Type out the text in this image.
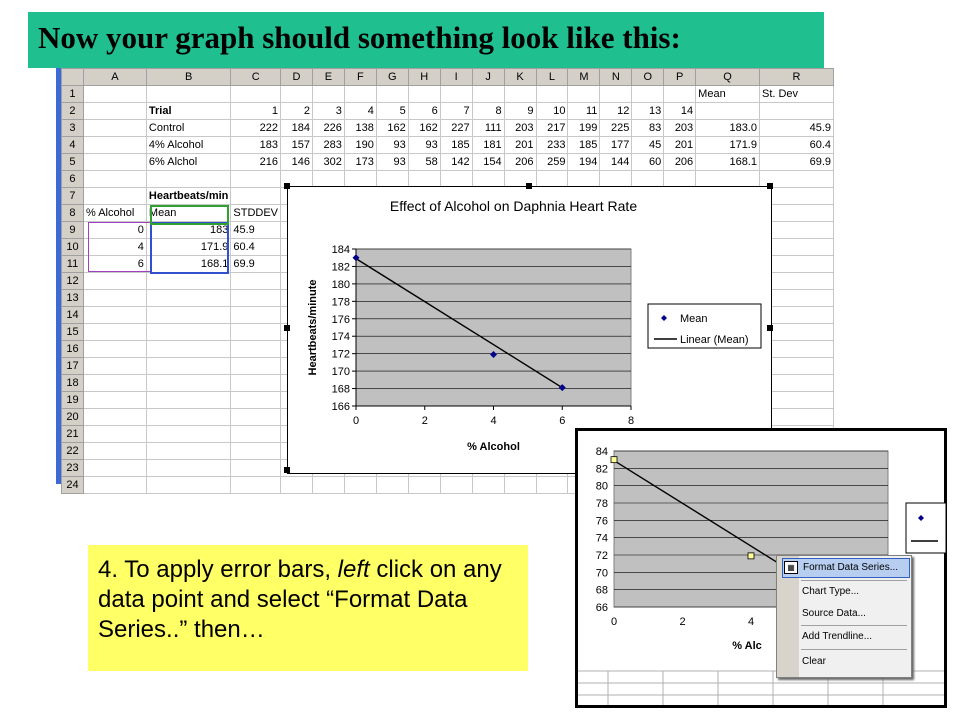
Now your graph should something look like this:
	A	B	C	D	E	F	G	H	I	J	K	L	M	N	O	P	Q	R
1																	Mean	St. Dev
2		Trial	1	2	3	4	5	6	7	8	9	10	11	12	13	14		
3		Control	222	184	226	138	162	162	227	111	203	217	199	225	83	203	183.0	45.9
4		4% Alcohol	183	157	283	190	93	93	185	181	201	233	185	177	45	201	171.9	60.4
5		6% Alchol	216	146	302	173	93	58	142	154	206	259	194	144	60	206	168.1	69.9
6																		
7		Heartbeats/min																
8	% Alcohol	Mean	STDDEV															
9	0	183	45.9															
10	4	171.9	60.4															
11	6	168.1	69.9															
12																		
13																		
14																		
15																		
16																		
17																		
18																		
19																		
20																		
21																		
22																		
23																		
24																		
Effect of Alcohol on Daphnia Heart Rate
166
168
170
172
174
176
178
180
182
184
0	2	4	6	8
% Alcohol
Heartbeats/minute	Mean
Linear (Mean)

4. To apply error bars, left click on any data point and select “Format Data Series..” then…

84
82
80
78
76
74
72
70
68
66
0	2	4
% Alc
▦ Format Data Series...
Chart Type...
Source Data...
Add Trendline...
Clear
